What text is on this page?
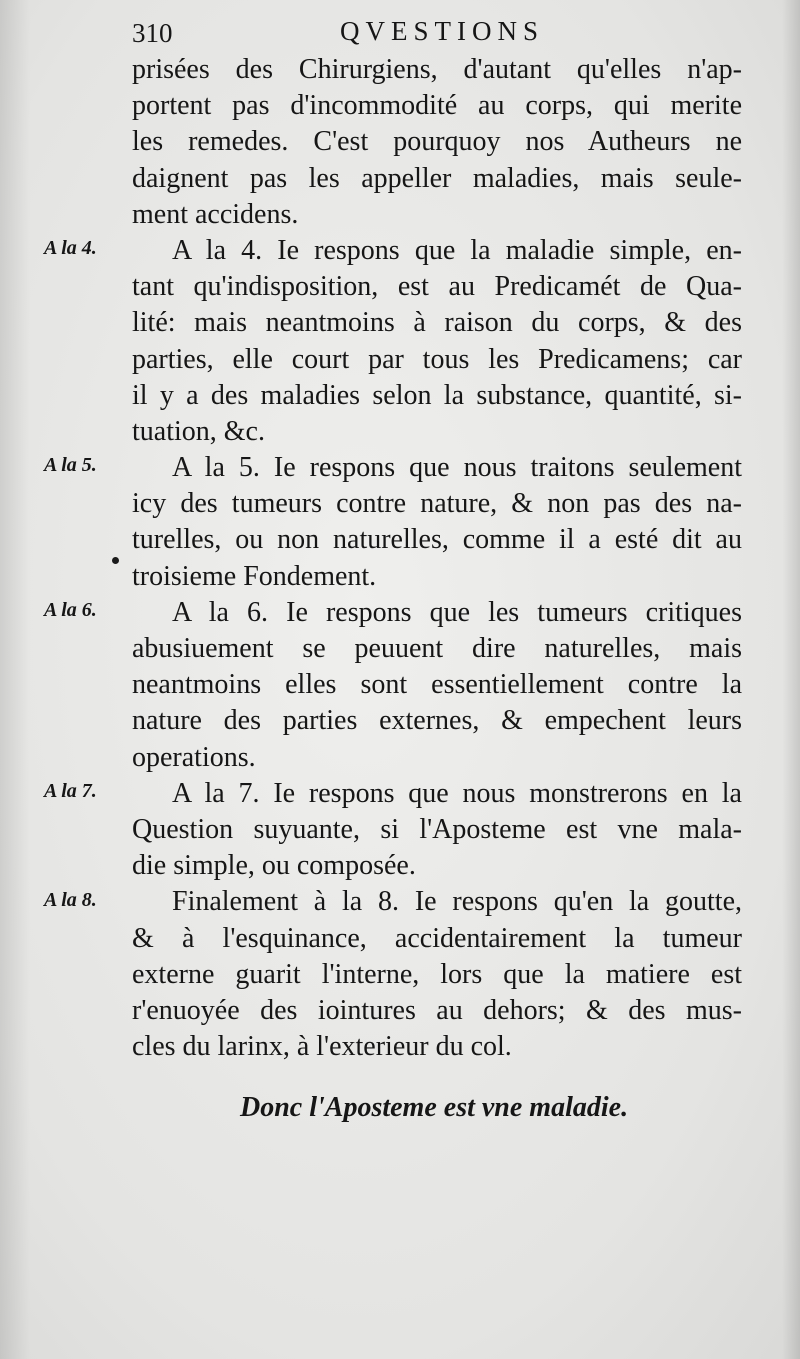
310	QVESTIONS
A la 4.
A la 5.
A la 6.
A la 7.
A la 8.
prisées des Chirurgiens, d'autant qu'elles n'ap-
portent pas d'incommodité au corps, qui merite
les remedes. C'est pourquoy nos Autheurs ne
daignent pas les appeller maladies, mais seule-
ment accidens.
A la 4. Ie respons que la maladie simple, en-
tant qu'indisposition, est au Predicamét de Qua-
lité: mais neantmoins à raison du corps, & des
parties, elle court par tous les Predicamens; car
il y a des maladies selon la substance, quantité, si-
tuation, &c.
A la 5. Ie respons que nous traitons seulement
icy des tumeurs contre nature, & non pas des na-
turelles, ou non naturelles, comme il a esté dit au
troisieme Fondement.
A la 6. Ie respons que les tumeurs critiques
abusiuement se peuuent dire naturelles, mais
neantmoins elles sont essentiellement contre la
nature des parties externes, & empechent leurs
operations.
A la 7. Ie respons que nous monstrerons en la
Question suyuante, si l'Aposteme est vne mala-
die simple, ou composée.
Finalement à la 8. Ie respons qu'en la goutte,
& à l'esquinance, accidentairement la tumeur
externe guarit l'interne, lors que la matiere est
r'enuoyée des iointures au dehors; & des mus-
cles du larinx, à l'exterieur du col.
Donc l'Aposteme est vne maladie.
